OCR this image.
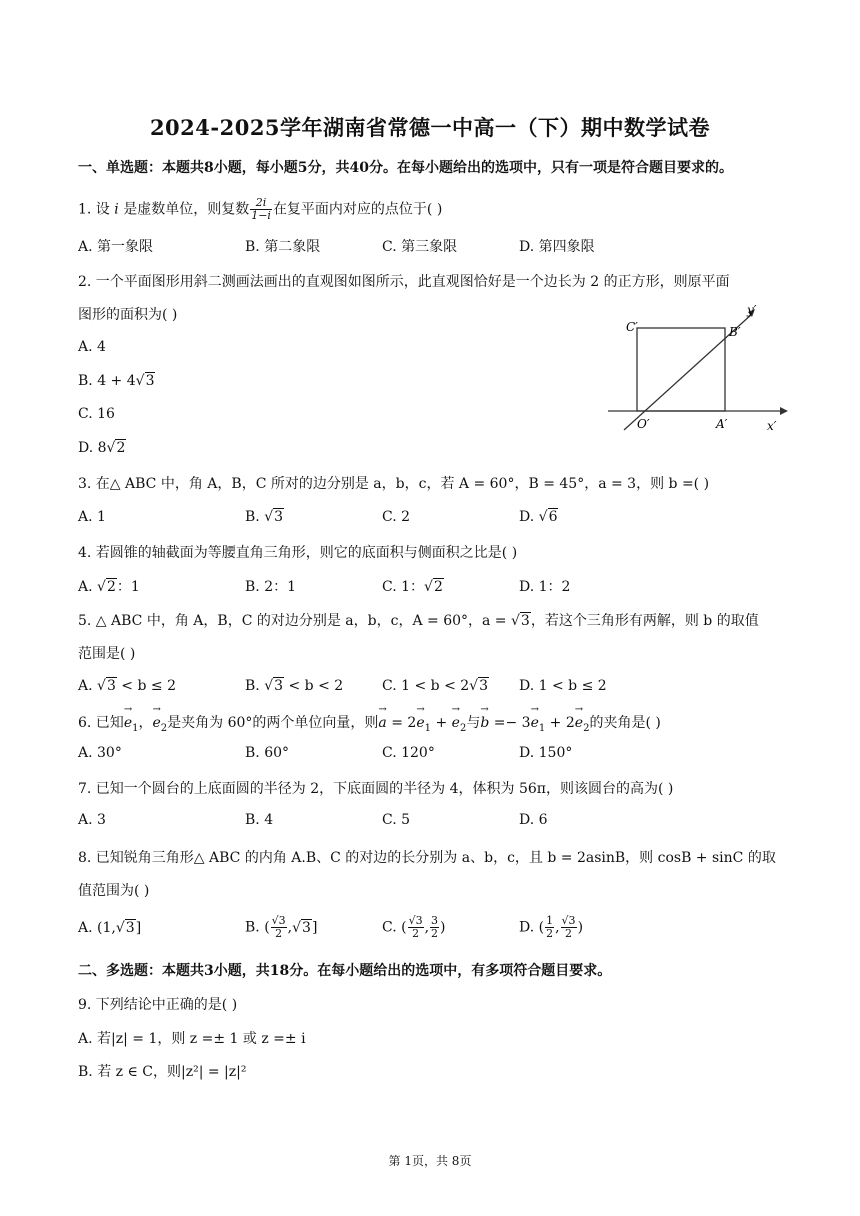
2024-2025学年湖南省常德一中高一（下）期中数学试卷
一、单选题：本题共8小题，每小题5分，共40分。在每小题给出的选项中，只有一项是符合题目要求的。
1. 设 i 是虚数单位，则复数 $\frac{2i}{1-i}$ 在复平面内对应的点位于( )
A. 第一象限	B. 第二象限	C. 第三象限	D. 第四象限
2. 一个平面图形用斜二测画法画出的直观图如图所示，此直观图恰好是一个边长为 2 的正方形，则原平面
图形的面积为( )
A. 4
B. 4 + 4√3
C. 16
D. 8√2
C′	B′
O′	A′	x′
y′
3. 在△ ABC 中，角 A，B，C 所对的边分别是 a，b，c，若 A = 60°，B = 45°，a = 3，则 b =( )
A. 1	B. √3	C. 2	D. √6
4. 若圆锥的轴截面为等腰直角三角形，则它的底面积与侧面积之比是( )
A. √2：1	B. 2：1	C. 1：√2	D. 1：2
5. △ ABC 中，角 A，B，C 的对边分别是 a，b，c，A = 60°，a = √3，若这个三角形有两解，则 b 的取值
范围是( )
A. √3 < b ≤ 2	B. √3 < b < 2	C. 1 < b < 2√3 D. 1 < b ≤ 2
6. 已知→ $e_1$，→ $e_2$是夹角为 60°的两个单位向量，则→ $a = 2\to e_1$ + → $e_2$与→ $b =- 3\to e_1 + 2\to e_2$的夹角是( )
A. 30°	B. 60°	C. 120°	D. 150°
7. 已知一个圆台的上底面圆的半径为 2，下底面圆的半径为 4，体积为 56π，则该圆台的高为( )
A. 3	B. 4	C. 5	D. 6
8. 已知锐角三角形△ ABC 的内角 A.B、C 的对边的长分别为 a、b，c，且 b = 2asinB，则 cosB + sinC 的取
值范围为( )
A. (1,√3]	B. ( $\frac{√3}{2} ,√3$]	C. ( $\frac{√3}{2}$ , $\frac{3}{2}$ )	D. ( $\frac{1}{2}$ , $\frac{√3}{2}$ )
二、多选题：本题共3小题，共18分。在每小题给出的选项中，有多项符合题目要求。
9. 下列结论中正确的是( )
A. 若|z| = 1，则 z =± 1 或 z =± i
B. 若 z ∈ C，则|z²| = |z|²
第 1页，共 8页
